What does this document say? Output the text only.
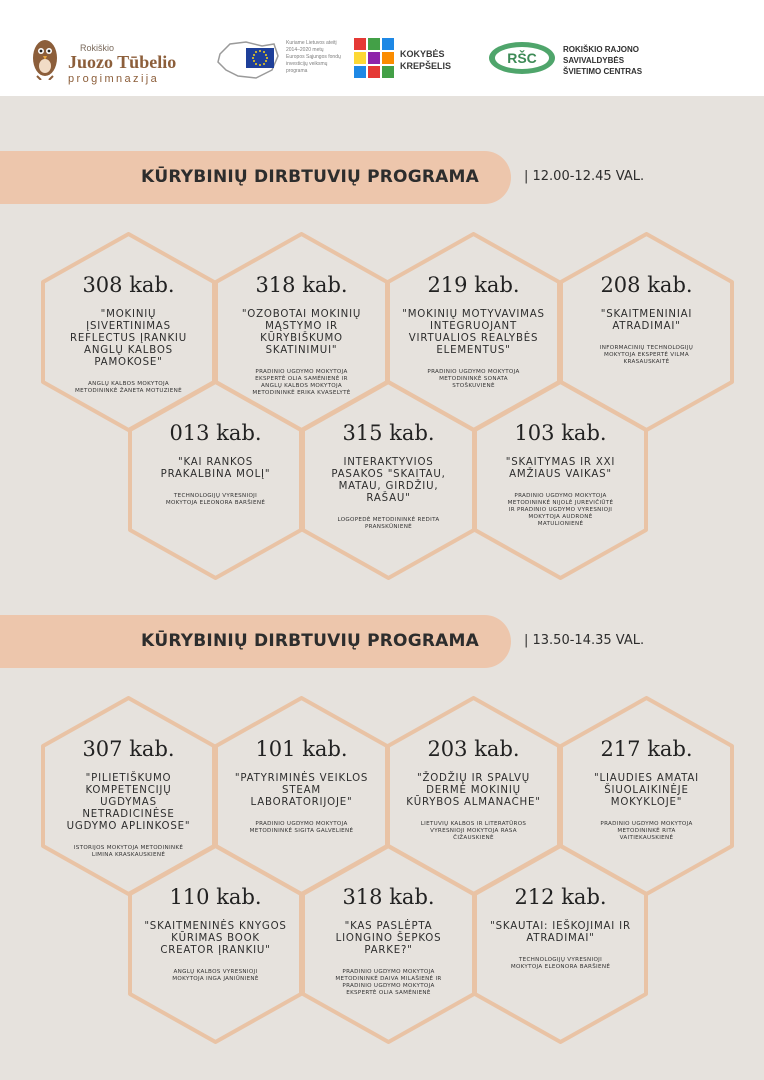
Rokiškio
Juozo Tūbelio
progimnazija
Kuriame Lietuvos ateitį 2014–2020 metų Europos Sąjungos fondų investicijų veiksmų programa
KOKYBĖS
KREPŠELIS	RŠC
ROKIŠKIO RAJONO
SAVIVALDYBĖS
ŠVIETIMO CENTRAS
KŪRYBINIŲ DIRBTUVIŲ PROGRAMA	| 12.00-12.45 VAL.
KŪRYBINIŲ DIRBTUVIŲ PROGRAMA	| 13.50-14.35 VAL.
308 kab.
"MOKINIŲ ĮSIVERTINIMAS REFLECTUS ĮRANKIU ANGLŲ KALBOS PAMOKOSE"
ANGLŲ KALBOS MOKYTOJA METODININKĖ ŽANETA MOTUZIENĖ
318 kab.
"OZOBOTAI MOKINIŲ MĄSTYMO IR KŪRYBIŠKUMO SKATINIMUI"
PRADINIO UGDYMO MOKYTOJA EKSPERTĖ OLIA SAMĖNIENĖ IR ANGLŲ KALBOS MOKYTOJA METODININKĖ ERIKA KVASELYTĖ
219 kab.
"MOKINIŲ MOTYVAVIMAS INTEGRUOJANT VIRTUALIOS REALYBĖS ELEMENTUS"
PRADINIO UGDYMO MOKYTOJA METODININKĖ SONATA STOŠKUVIENĖ
208 kab.
"SKAITMENINIAI ATRADIMAI"
INFORMACINIŲ TECHNOLOGIJŲ MOKYTOJA EKSPERTĖ VILMA KRASAUSKAITĖ
013 kab.
"KAI RANKOS PRAKALBINA MOLĮ"
TECHNOLOGIJŲ VYRESNIOJI MOKYTOJA ELEONORA BARŠIENĖ
315 kab.
INTERAKTYVIOS PASAKOS "SKAITAU, MATAU, GIRDŽIU, RAŠAU"
LOGOPEDĖ METODININKĖ REDITA PRANSKŪNIENĖ
103 kab.
"SKAITYMAS IR XXI AMŽIAUS VAIKAS"
PRADINIO UGDYMO MOKYTOJA METODININKĖ NIJOLĖ JUREVIČIŪTĖ IR PRADINIO UGDYMO VYRESNIOJI MOKYTOJA AUDRONĖ MATULIONIENĖ
307 kab.
"PILIETIŠKUMO KOMPETENCIJŲ UGDYMAS NETRADICINĖSE UGDYMO APLINKOSE"
ISTORIJOS MOKYTOJA METODININKĖ LIMINA KRASKAUSKIENĖ
101 kab.
"PATYRIMINĖS VEIKLOS STEAM LABORATORIJOJE"
PRADINIO UGDYMO MOKYTOJA METODININKĖ SIGITA GALVELIENĖ
203 kab.
"ŽODŽIŲ IR SPALVŲ DERMĖ MOKINIŲ KŪRYBOS ALMANACHE"
LIETUVIŲ KALBOS IR LITERATŪROS VYRESNIOJI MOKYTOJA RASA ČIŽAUSKIENĖ
217 kab.
"LIAUDIES AMATAI ŠIUOLAIKINĖJE MOKYKLOJE"
PRADINIO UGDYMO MOKYTOJA METODININKĖ RITA VAITIEKAUSKIENĖ
110 kab.
"SKAITMENINĖS KNYGOS KŪRIMAS BOOK CREATOR ĮRANKIU"
ANGLŲ KALBOS VYRESNIOJI MOKYTOJA INGA JANIŪNIENĖ
318 kab.
"KAS PASLĖPTA LIONGINO ŠEPKOS PARKE?"
PRADINIO UGDYMO MOKYTOJA METODININKĖ DAIVA MILAŠIENĖ IR PRADINIO UGDYMO MOKYTOJA EKSPERTĖ OLIA SAMĖNIENĖ
212 kab.
"SKAUTAI: IEŠKOJIMAI IR ATRADIMAI"
TECHNOLOGIJŲ VYRESNIOJI MOKYTOJA ELEONORA BARŠIENĖ
